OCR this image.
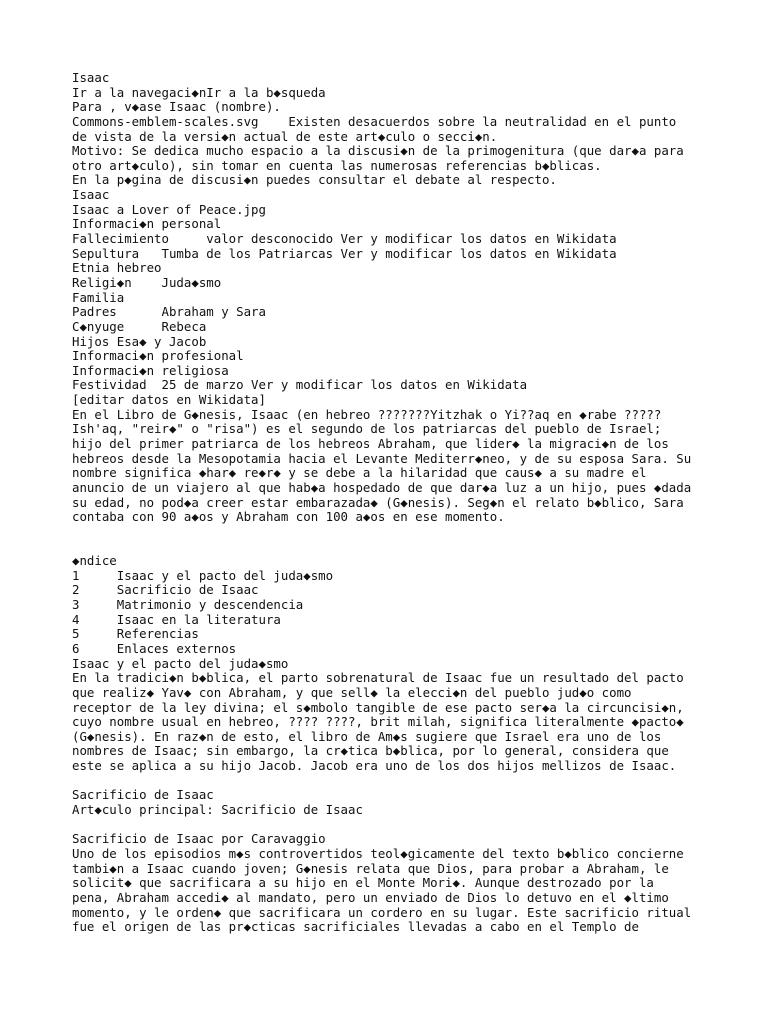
Isaac
Ir a la navegaci◆nIr a la b◆squeda
Para , v◆ase Isaac (nombre).
Commons-emblem-scales.svg    Existen desacuerdos sobre la neutralidad en el punto
de vista de la versi◆n actual de este art◆culo o secci◆n.
Motivo: Se dedica mucho espacio a la discusi◆n de la primogenitura (que dar◆a para
otro art◆culo), sin tomar en cuenta las numerosas referencias b◆blicas.
En la p◆gina de discusi◆n puedes consultar el debate al respecto.
Isaac
Isaac a Lover of Peace.jpg
Informaci◆n personal
Fallecimiento     valor desconocido Ver y modificar los datos en Wikidata
Sepultura   Tumba de los Patriarcas Ver y modificar los datos en Wikidata
Etnia hebreo
Religi◆n    Juda◆smo
Familia
Padres      Abraham y Sara
C◆nyuge     Rebeca
Hijos Esa◆ y Jacob
Informaci◆n profesional
Informaci◆n religiosa
Festividad  25 de marzo Ver y modificar los datos en Wikidata
[editar datos en Wikidata]
En el Libro de G◆nesis, Isaac (en hebreo ???????Yitzhak o Yi??aq en ◆rabe ?????
Ish'aq, "reir◆" o "risa") es el segundo de los patriarcas del pueblo de Israel;
hijo del primer patriarca de los hebreos Abraham, que lider◆ la migraci◆n de los
hebreos desde la Mesopotamia hacia el Levante Mediterr◆neo, y de su esposa Sara. Su
nombre significa ◆har◆ re◆r◆ y se debe a la hilaridad que caus◆ a su madre el
anuncio de un viajero al que hab◆a hospedado de que dar◆a luz a un hijo, pues ◆dada
su edad, no pod◆a creer estar embarazada◆ (G◆nesis). Seg◆n el relato b◆blico, Sara
contaba con 90 a◆os y Abraham con 100 a◆os en ese momento.
◆ndice
1     Isaac y el pacto del juda◆smo
2     Sacrificio de Isaac
3     Matrimonio y descendencia
4     Isaac en la literatura
5     Referencias
6     Enlaces externos
Isaac y el pacto del juda◆smo
En la tradici◆n b◆blica, el parto sobrenatural de Isaac fue un resultado del pacto
que realiz◆ Yav◆ con Abraham, y que sell◆ la elecci◆n del pueblo jud◆o como
receptor de la ley divina; el s◆mbolo tangible de ese pacto ser◆a la circuncisi◆n,
cuyo nombre usual en hebreo, ???? ????, brit milah, significa literalmente ◆pacto◆
(G◆nesis). En raz◆n de esto, el libro de Am◆s sugiere que Israel era uno de los
nombres de Isaac; sin embargo, la cr◆tica b◆blica, por lo general, considera que
este se aplica a su hijo Jacob. Jacob era uno de los dos hijos mellizos de Isaac.
Sacrificio de Isaac
Art◆culo principal: Sacrificio de Isaac
Sacrificio de Isaac por Caravaggio
Uno de los episodios m◆s controvertidos teol◆gicamente del texto b◆blico concierne
tambi◆n a Isaac cuando joven; G◆nesis relata que Dios, para probar a Abraham, le
solicit◆ que sacrificara a su hijo en el Monte Mori◆. Aunque destrozado por la
pena, Abraham accedi◆ al mandato, pero un enviado de Dios lo detuvo en el ◆ltimo
momento, y le orden◆ que sacrificara un cordero en su lugar. Este sacrificio ritual
fue el origen de las pr◆cticas sacrificiales llevadas a cabo en el Templo de
